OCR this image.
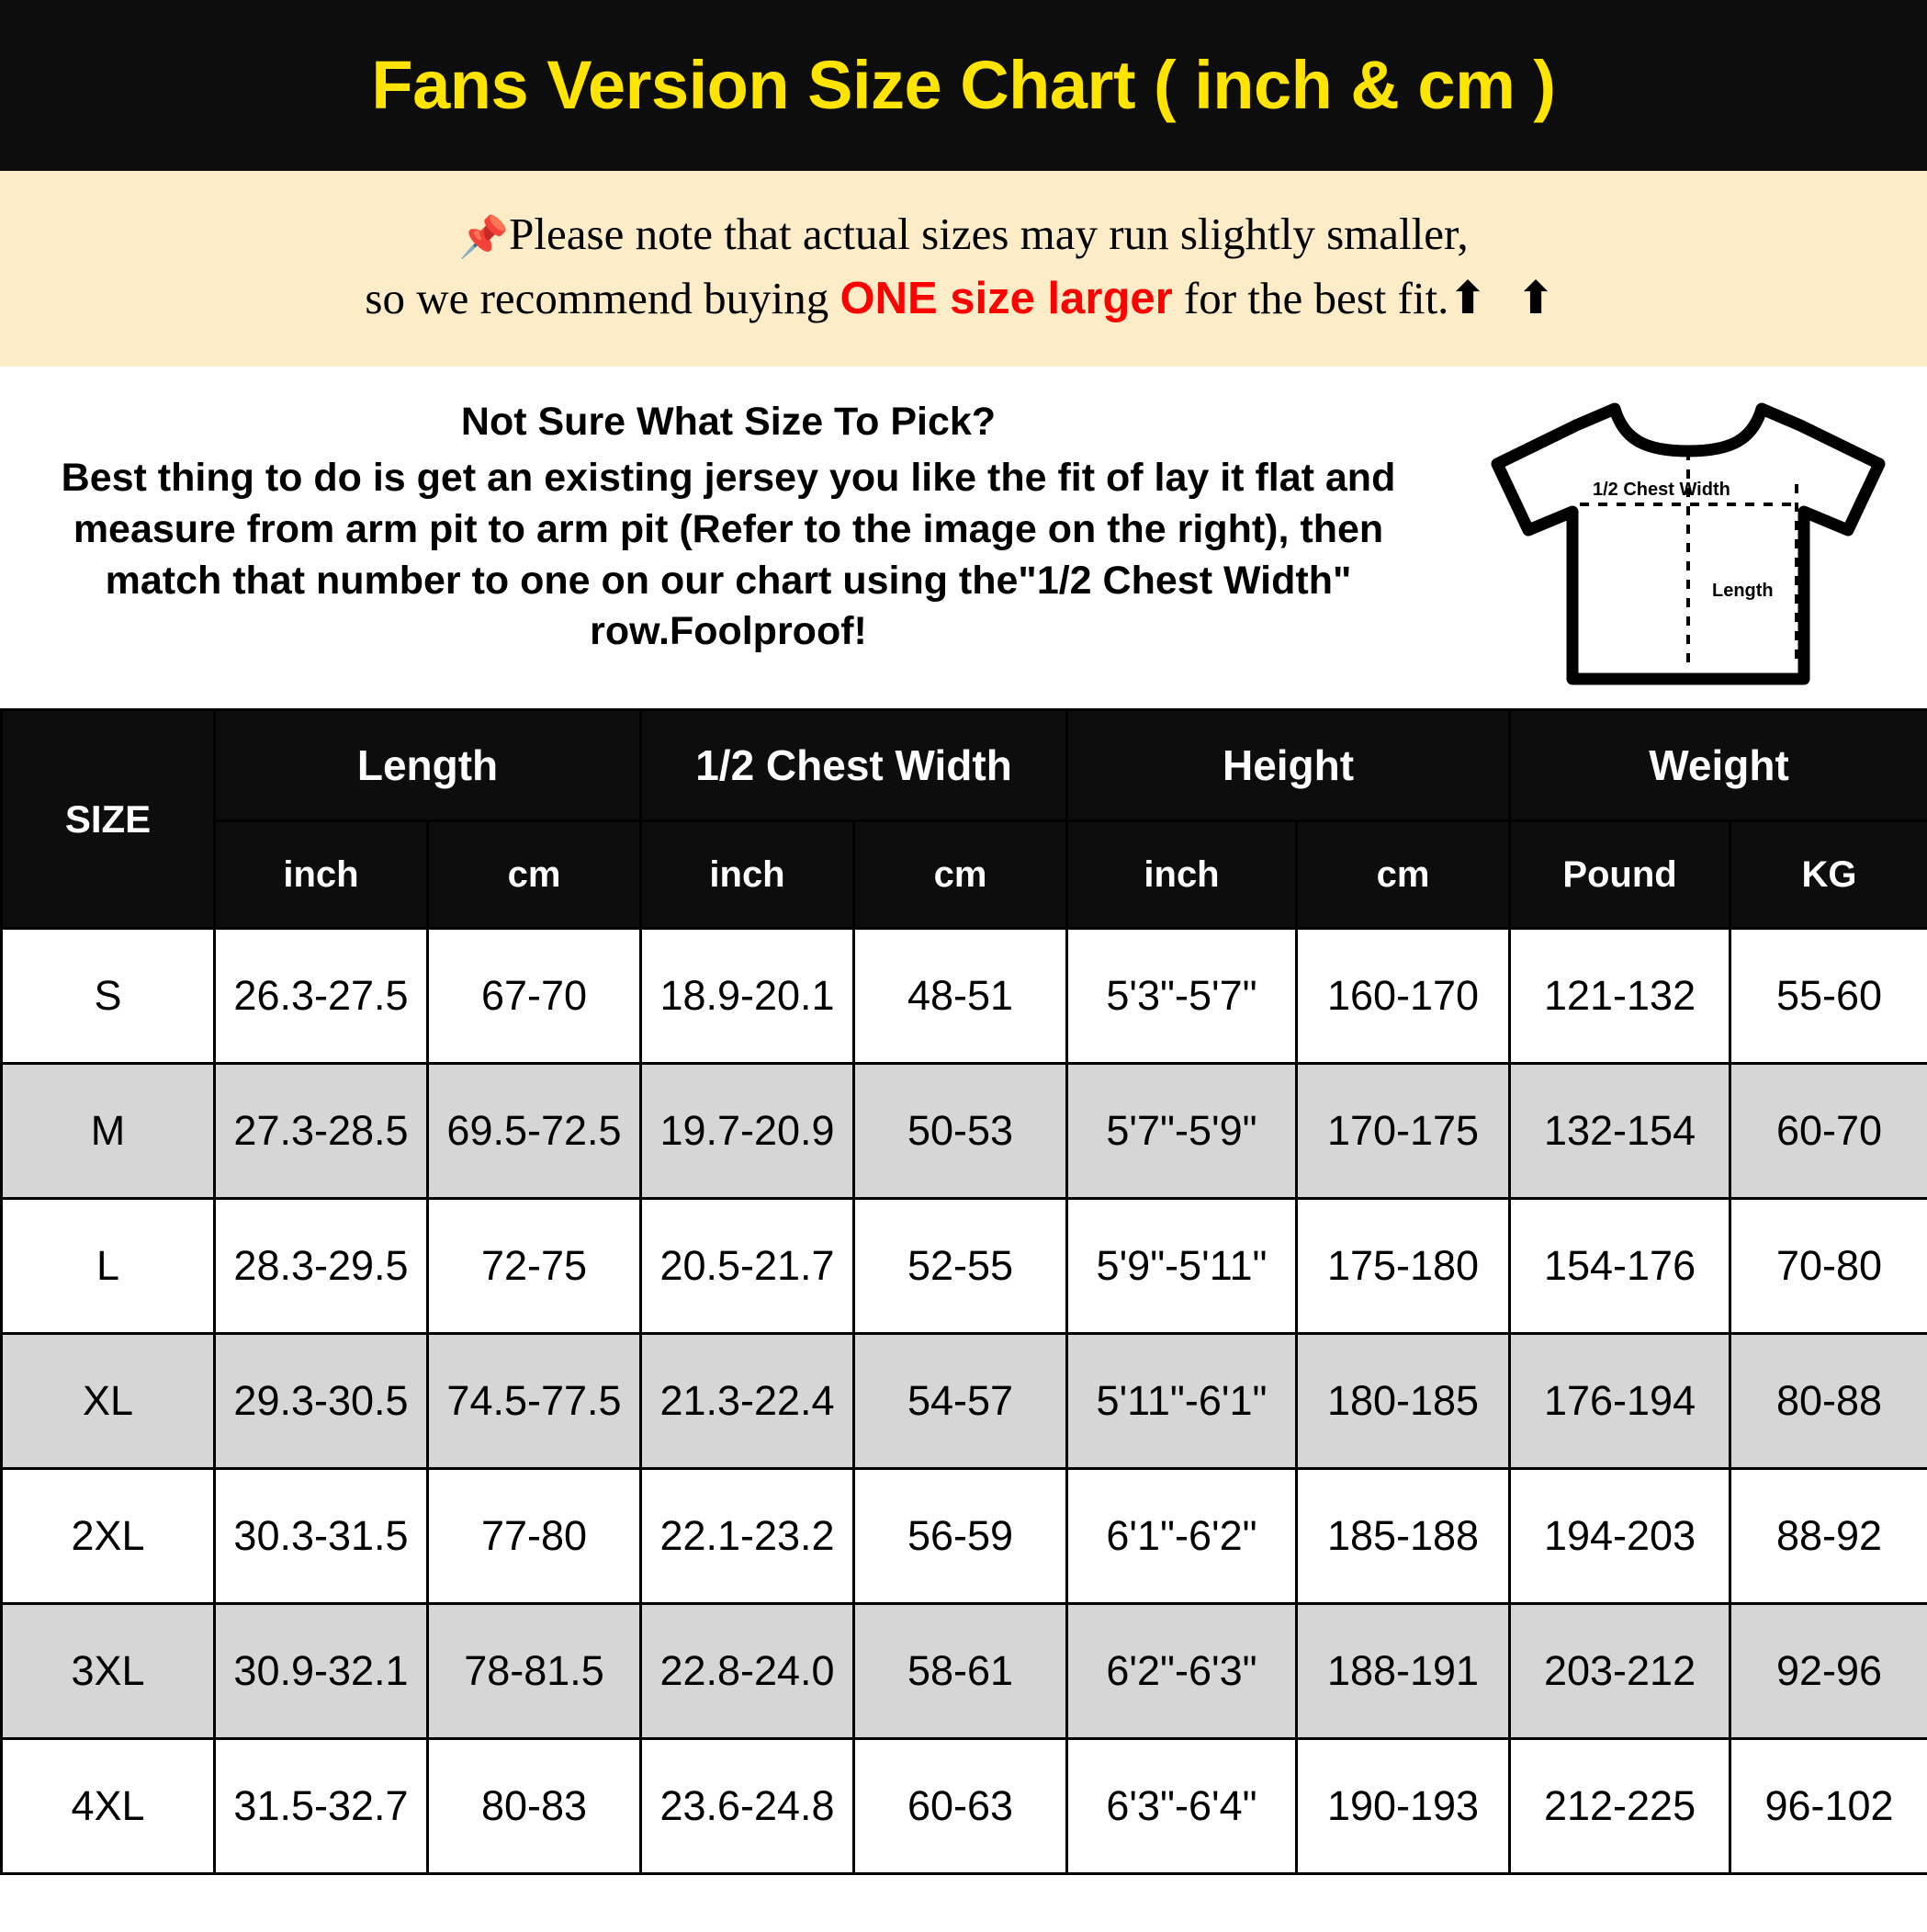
Fans Version Size Chart ( inch & cm )
📌Please note that actual sizes may run slightly smaller,
so we recommend buying ONE size larger for the best fit.⬆ ⬆
Not Sure What Size To Pick?
Best thing to do is get an existing jersey you like the fit of lay it flat and measure from arm pit to arm pit (Refer to the image on the right), then match that number to one on our chart using the"1/2 Chest Width" row.Foolproof!
1/2 Chest Width
Length
SIZE	Length		1/2 Chest Width		Height		Weight	
	inch	cm	inch	cm	inch	cm	Pound	KG
S	26.3-27.5	67-70	18.9-20.1	48-51	5'3"-5'7"	160-170	121-132	55-60
M	27.3-28.5	69.5-72.5	19.7-20.9	50-53	5'7"-5'9"	170-175	132-154	60-70
L	28.3-29.5	72-75	20.5-21.7	52-55	5'9"-5'11"	175-180	154-176	70-80
XL	29.3-30.5	74.5-77.5	21.3-22.4	54-57	5'11"-6'1"	180-185	176-194	80-88
2XL	30.3-31.5	77-80	22.1-23.2	56-59	6'1"-6'2"	185-188	194-203	88-92
3XL	30.9-32.1	78-81.5	22.8-24.0	58-61	6'2"-6'3"	188-191	203-212	92-96
4XL	31.5-32.7	80-83	23.6-24.8	60-63	6'3"-6'4"	190-193	212-225	96-102
